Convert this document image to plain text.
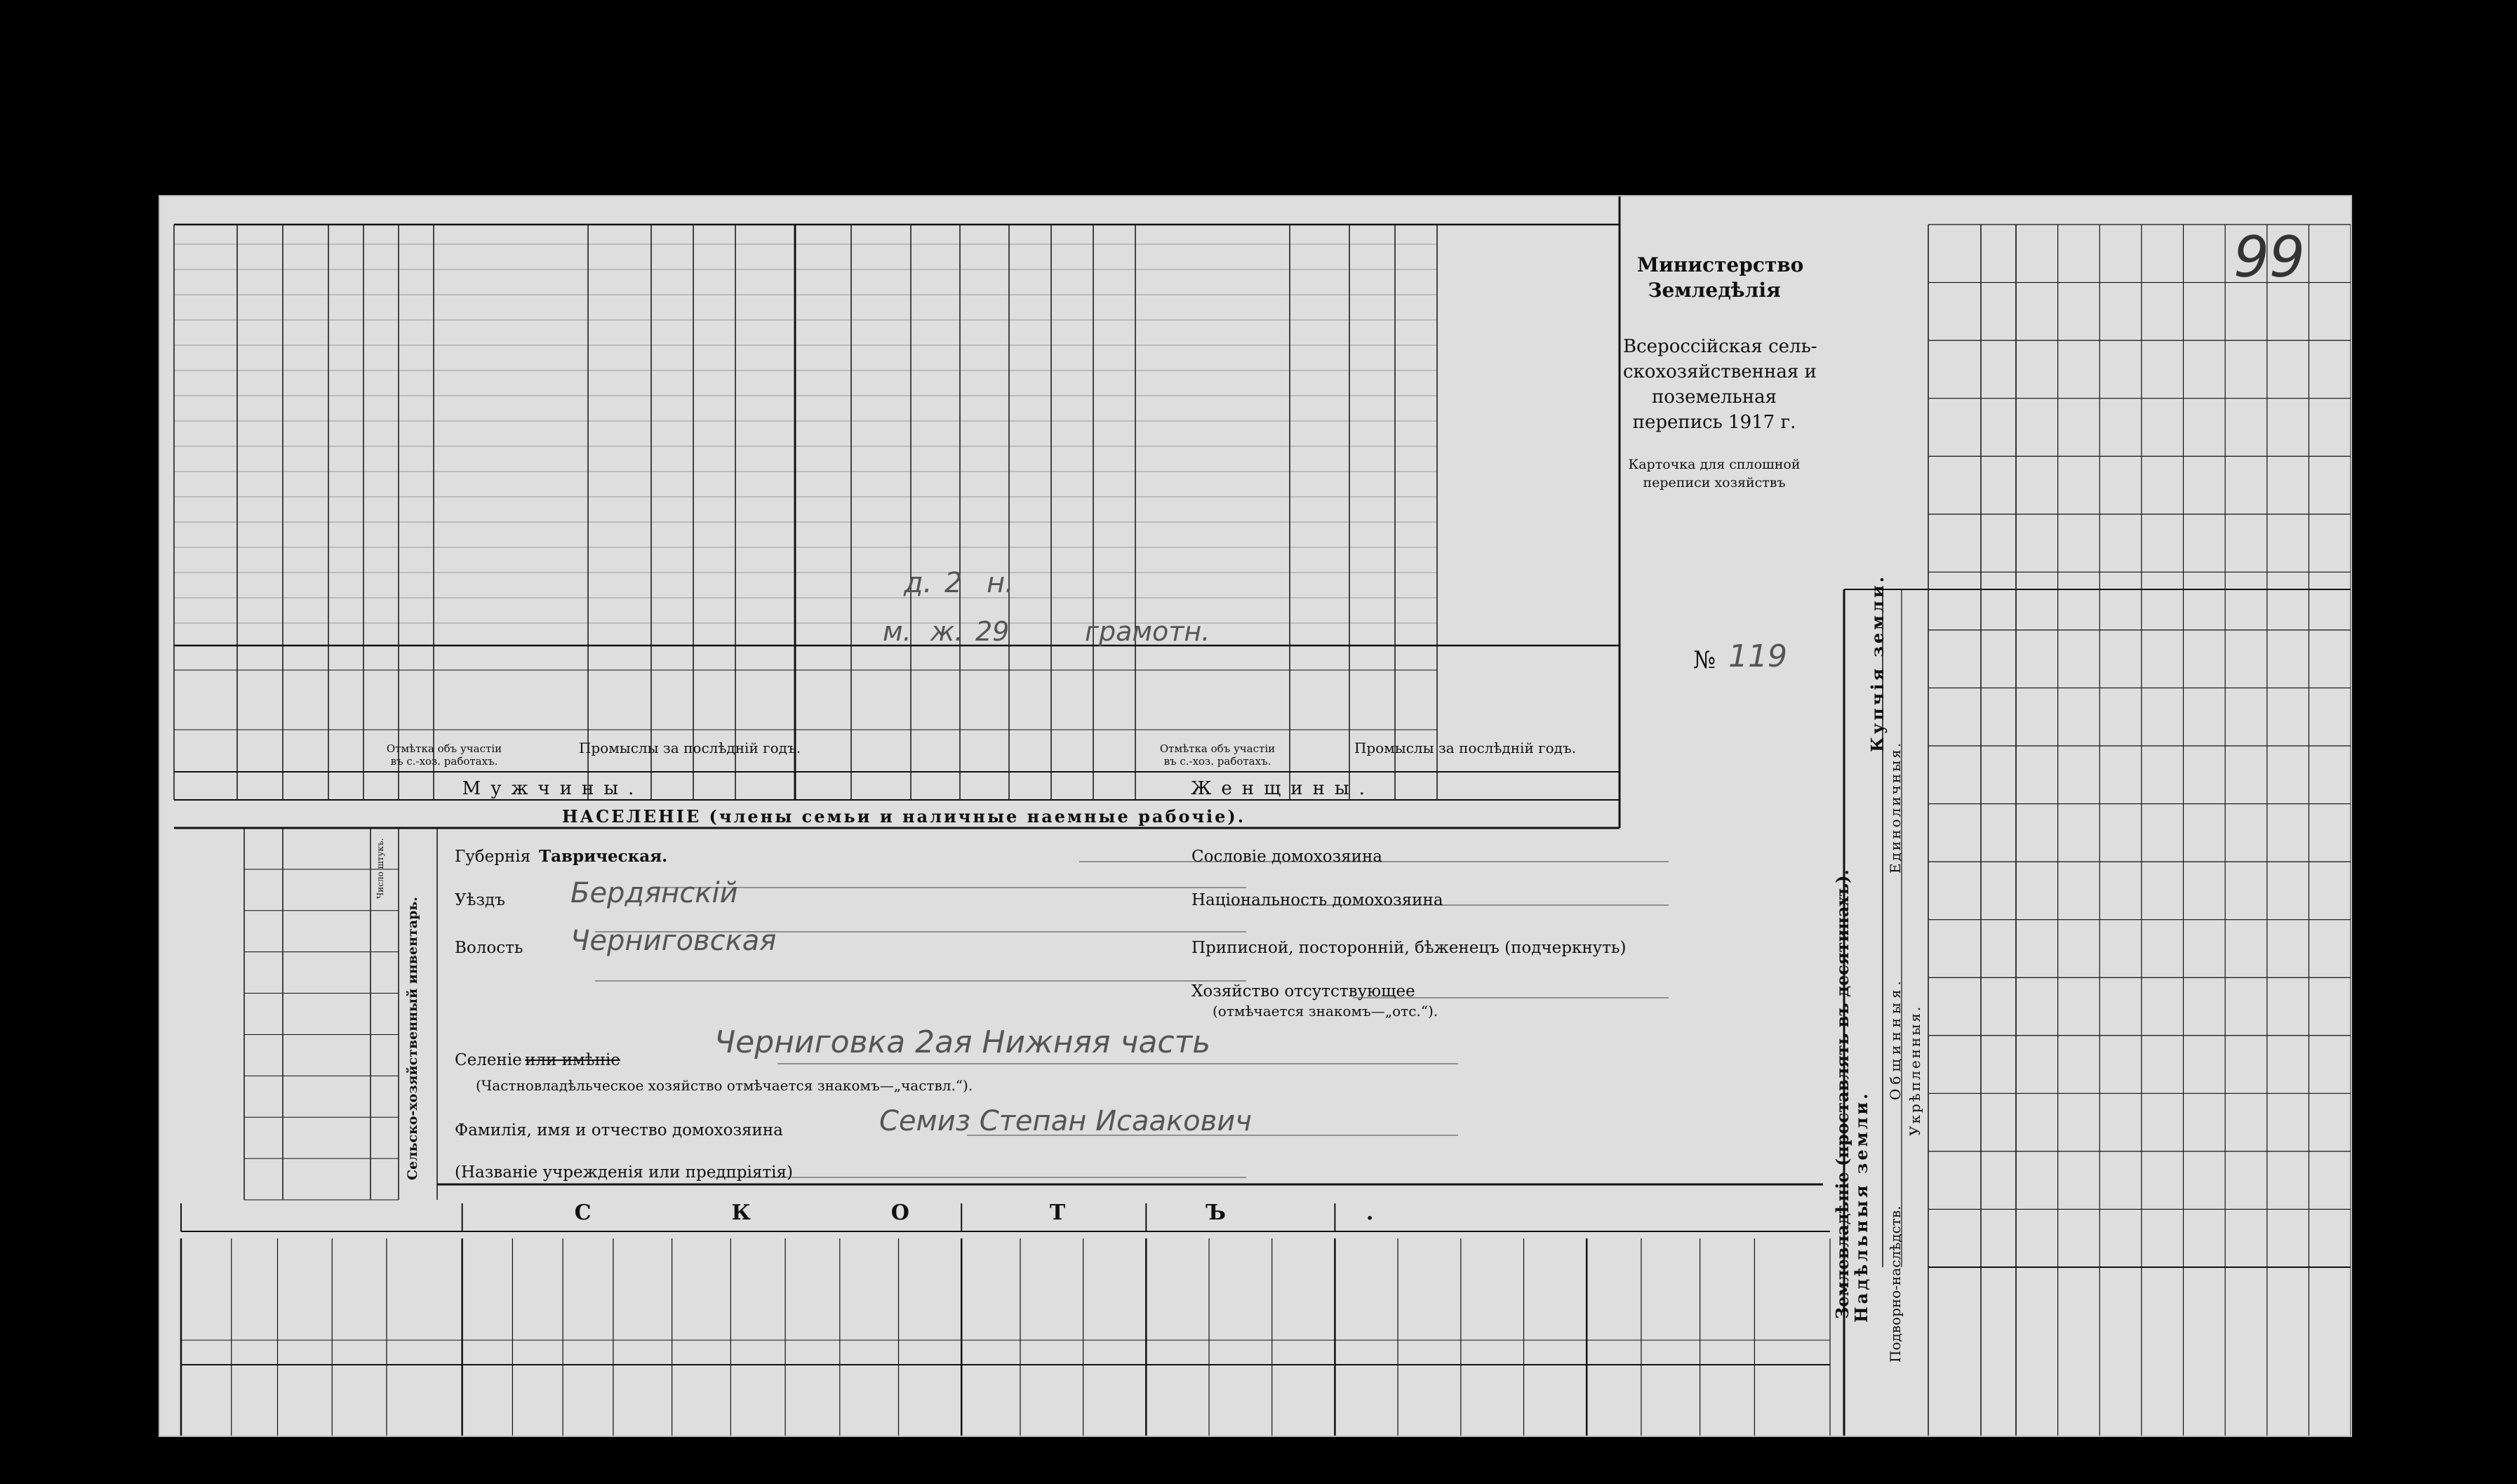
Министерство
Земледѣлія
Всероссійская сель-
скохозяйственная и
поземельная
перепись 1917 г.
Карточка для сплошной
переписи хозяйствъ
№ 119
99
д. 2 н.
м. ж. 29	грамотн.
Отмѣтка объ участіи въ с.-хоз. работахъ.
Промыслы за послѣдній годъ.	Отмѣтка объ участіи въ с.-хоз. работахъ.
Промыслы за послѣдній годъ.
Мужчины.	Женщины.
НАСЕЛЕНІЕ (члены семьи и наличные наемные рабочіе).
Сельско-хозяйственный инвентарь.
Число штукъ.	Губернія Таврическая.
Уѣздъ Бердянскій
Волость Черниговская
Селеніе или имѣніе	Черниговка 2ая Нижняя часть
(Частновладѣльческое хозяйство отмѣчается знакомъ—„частвл.“).
Фамилія, имя и отчество домохозяина	Семиз Степан Исаакович
(Названіе учрежденія или предпріятія)
Сословіе домохозяина
Національность домохозяина
Приписной, посторонній, бѣженецъ (подчеркнуть)
Хозяйство отсутствующее
(отмѣчается знакомъ—„отс.“).
СКОТЪ.	Землевладѣніе (проставлять въ десятинахъ).
Надѣльныя земли.
Купчія земли.
Подворно-наслѣдств.
Общинныя. Укрѣпленныя.
Единоличныя.
